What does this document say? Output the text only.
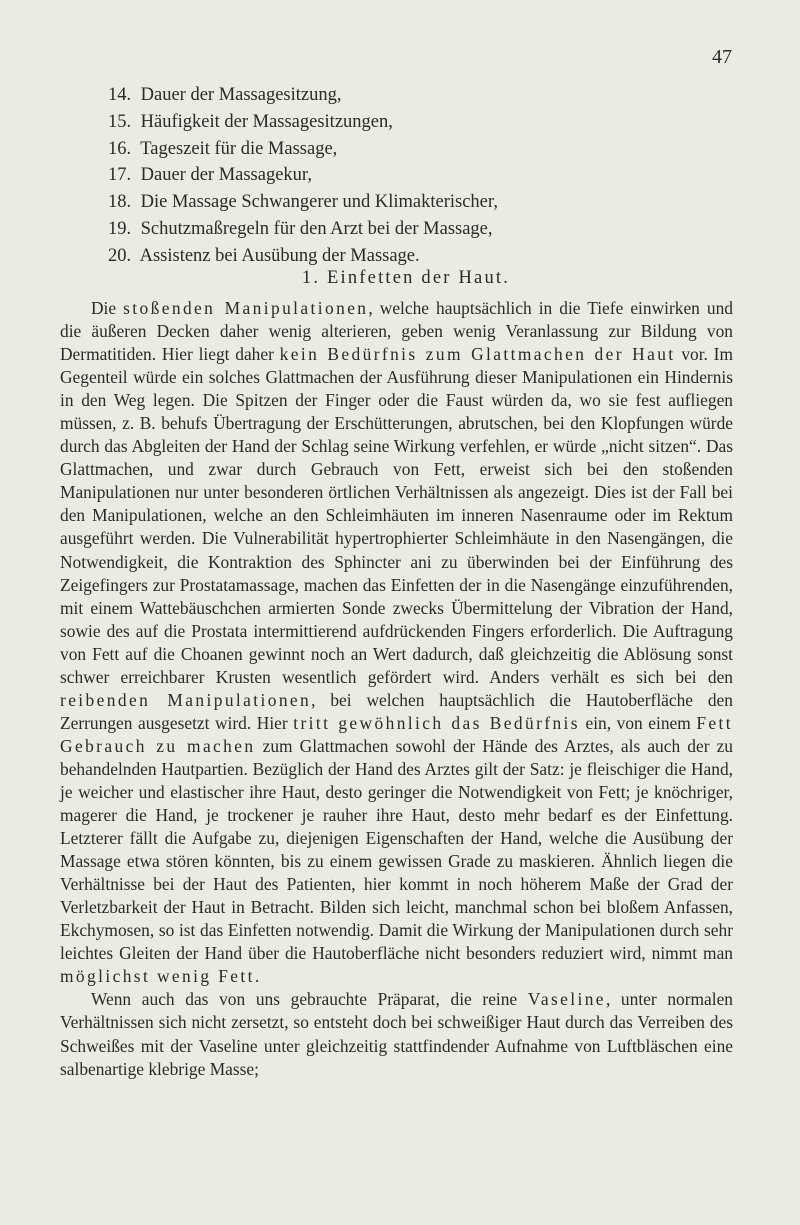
47
14. Dauer der Massagesitzung,
15. Häufigkeit der Massagesitzungen,
16. Tageszeit für die Massage,
17. Dauer der Massagekur,
18. Die Massage Schwangerer und Klimakterischer,
19. Schutzmaßregeln für den Arzt bei der Massage,
20. Assistenz bei Ausübung der Massage.
1. Einfetten der Haut.

Die stoßenden Manipulationen, welche hauptsächlich in die Tiefe einwirken und die äußeren Decken daher wenig alterieren, geben wenig Veranlassung zur Bildung von Dermatitiden. Hier liegt daher kein Bedürfnis zum Glattmachen der Haut vor. Im Gegenteil würde ein solches Glattmachen der Ausführung dieser Manipulationen ein Hindernis in den Weg legen. Die Spitzen der Finger oder die Faust würden da, wo sie fest aufliegen müssen, z. B. behufs Übertragung der Erschütterungen, abrutschen, bei den Klopfungen würde durch das Abgleiten der Hand der Schlag seine Wirkung verfehlen, er würde „nicht sitzen“. Das Glattmachen, und zwar durch Gebrauch von Fett, erweist sich bei den stoßenden Manipulationen nur unter besonderen örtlichen Verhältnissen als angezeigt. Dies ist der Fall bei den Manipulationen, welche an den Schleimhäuten im inneren Nasenraume oder im Rektum ausgeführt werden. Die Vulnerabilität hypertrophierter Schleimhäute in den Nasengängen, die Notwendigkeit, die Kontraktion des Sphincter ani zu überwinden bei der Einführung des Zeigefingers zur Prostatamassage, machen das Einfetten der in die Nasengänge einzuführenden, mit einem Wattebäuschchen armierten Sonde zwecks Übermittelung der Vibration der Hand, sowie des auf die Prostata intermittierend aufdrückenden Fingers erforderlich. Die Auftragung von Fett auf die Choanen gewinnt noch an Wert dadurch, daß gleichzeitig die Ablösung sonst schwer erreichbarer Krusten wesentlich gefördert wird. Anders verhält es sich bei den reibenden Manipulationen, bei welchen hauptsächlich die Hautoberfläche den Zerrungen ausgesetzt wird. Hier tritt gewöhnlich das Bedürfnis ein, von einem Fett Gebrauch zu machen zum Glattmachen sowohl der Hände des Arztes, als auch der zu behandelnden Hautpartien. Bezüglich der Hand des Arztes gilt der Satz: je fleischiger die Hand, je weicher und elastischer ihre Haut, desto geringer die Notwendigkeit von Fett; je knöchriger, magerer die Hand, je trockener je rauher ihre Haut, desto mehr bedarf es der Einfettung. Letzterer fällt die Aufgabe zu, diejenigen Eigenschaften der Hand, welche die Ausübung der Massage etwa stören könnten, bis zu einem gewissen Grade zu maskieren. Ähnlich liegen die Verhältnisse bei der Haut des Patienten, hier kommt in noch höherem Maße der Grad der Verletzbarkeit der Haut in Betracht. Bilden sich leicht, manchmal schon bei bloßem Anfassen, Ekchymosen, so ist das Einfetten notwendig. Damit die Wirkung der Manipulationen durch sehr leichtes Gleiten der Hand über die Hautoberfläche nicht besonders reduziert wird, nimmt man möglichst wenig Fett.

Wenn auch das von uns gebrauchte Präparat, die reine Vaseline, unter normalen Verhältnissen sich nicht zersetzt, so entsteht doch bei schweißiger Haut durch das Verreiben des Schweißes mit der Vaseline unter gleichzeitig stattfindender Aufnahme von Luftbläschen eine salbenartige klebrige Masse;
